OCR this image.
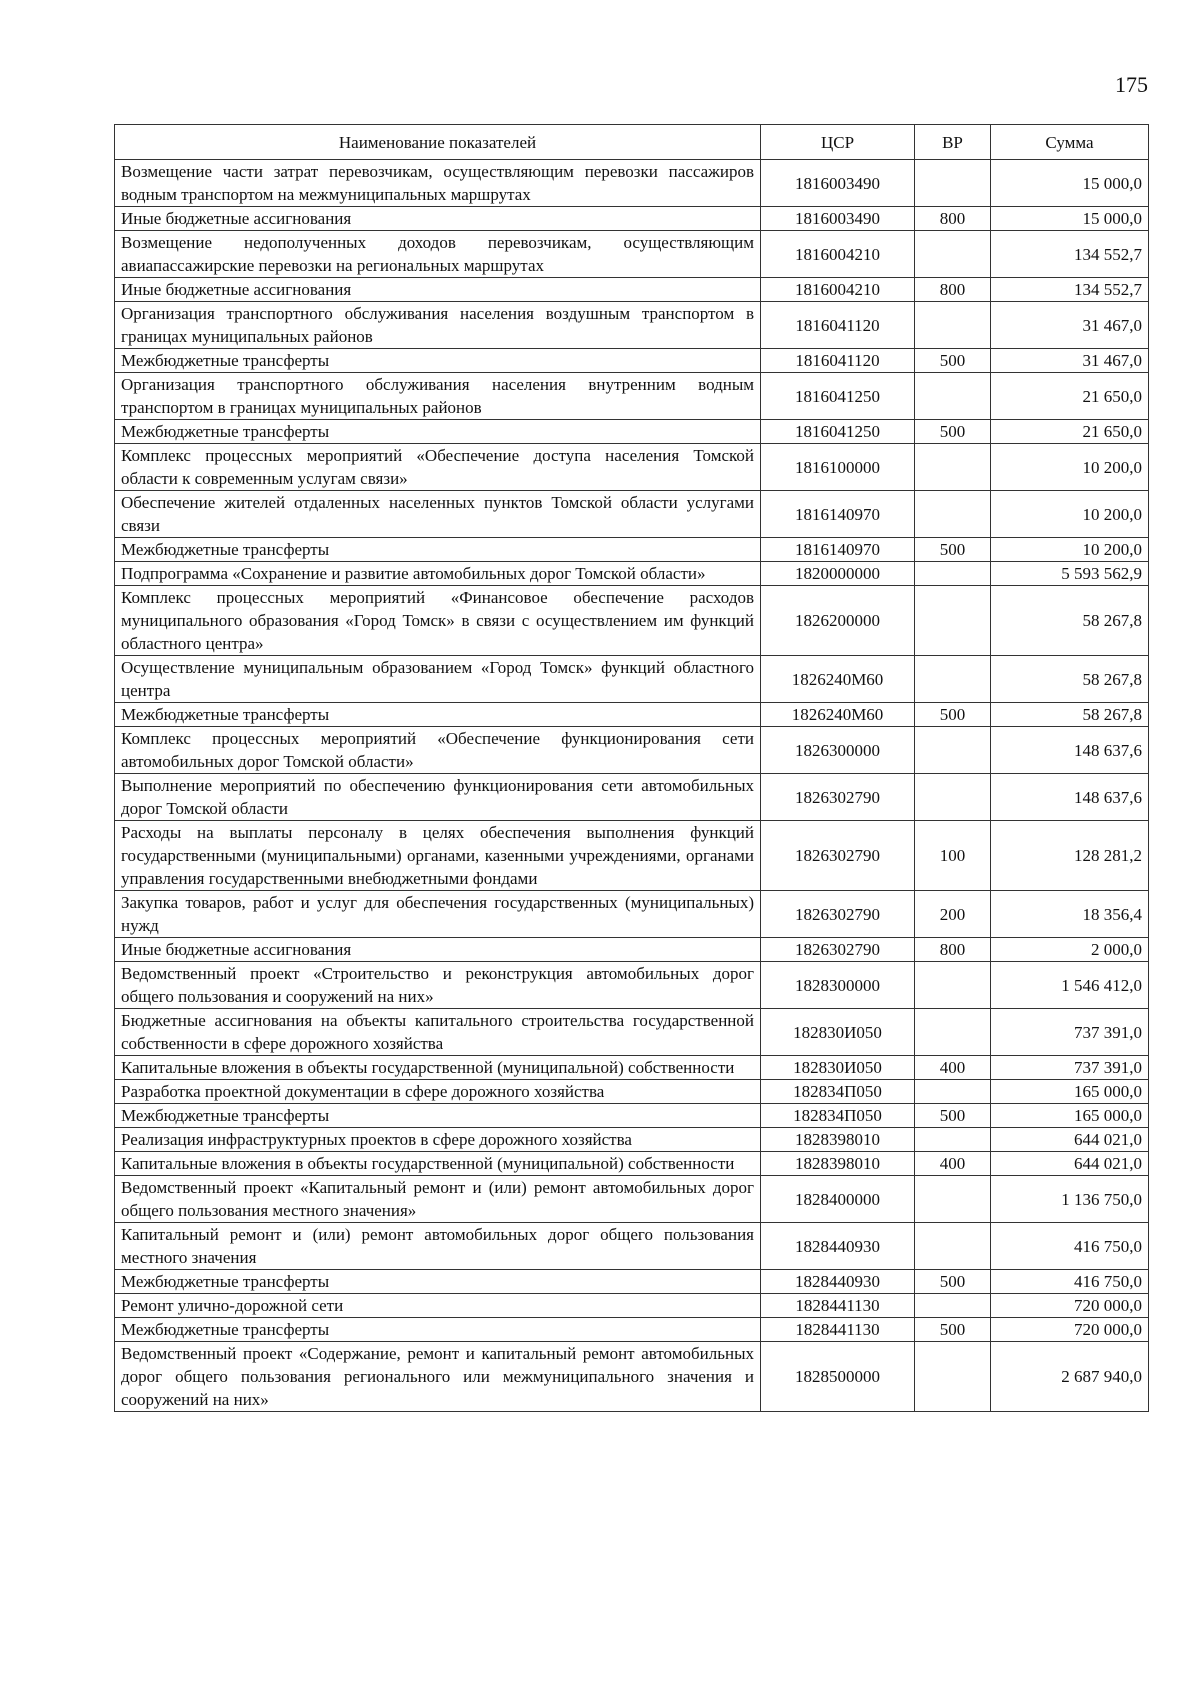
175
Наименование показателей	ЦСР	ВР	Сумма
Возмещение части затрат перевозчикам, осуществляющим перевозки пассажиров водным транспортом на межмуниципальных маршрутах	1816003490		15 000,0
Иные бюджетные ассигнования	1816003490	800	15 000,0
Возмещение недополученных доходов перевозчикам, осуществляющим авиапассажирские перевозки на региональных маршрутах	1816004210		134 552,7
Иные бюджетные ассигнования	1816004210	800	134 552,7
Организация транспортного обслуживания населения воздушным транспортом в границах муниципальных районов	1816041120		31 467,0
Межбюджетные трансферты	1816041120	500	31 467,0
Организация транспортного обслуживания населения внутренним водным транспортом в границах муниципальных районов	1816041250		21 650,0
Межбюджетные трансферты	1816041250	500	21 650,0
Комплекс процессных мероприятий «Обеспечение доступа населения Томской области к современным услугам связи»	1816100000		10 200,0
Обеспечение жителей отдаленных населенных пунктов Томской области услугами связи	1816140970		10 200,0
Межбюджетные трансферты	1816140970	500	10 200,0
Подпрограмма «Сохранение и развитие автомобильных дорог Томской области»	1820000000		5 593 562,9
Комплекс процессных мероприятий «Финансовое обеспечение расходов муниципального образования «Город Томск» в связи с осуществлением им функций областного центра»	1826200000		58 267,8
Осуществление муниципальным образованием «Город Томск» функций областного центра	1826240М60		58 267,8
Межбюджетные трансферты	1826240М60	500	58 267,8
Комплекс процессных мероприятий «Обеспечение функционирования сети автомобильных дорог Томской области»	1826300000		148 637,6
Выполнение мероприятий по обеспечению функционирования сети автомобильных дорог Томской области	1826302790		148 637,6
Расходы на выплаты персоналу в целях обеспечения выполнения функций государственными (муниципальными) органами, казенными учреждениями, органами управления государственными внебюджетными фондами	1826302790	100	128 281,2
Закупка товаров, работ и услуг для обеспечения государственных (муниципальных) нужд	1826302790	200	18 356,4
Иные бюджетные ассигнования	1826302790	800	2 000,0
Ведомственный проект «Строительство и реконструкция автомобильных дорог общего пользования и сооружений на них»	1828300000		1 546 412,0
Бюджетные ассигнования на объекты капитального строительства государственной собственности в сфере дорожного хозяйства	182830И050		737 391,0
Капитальные вложения в объекты государственной (муниципальной) собственности	182830И050	400	737 391,0
Разработка проектной документации в сфере дорожного хозяйства	182834П050		165 000,0
Межбюджетные трансферты	182834П050	500	165 000,0
Реализация инфраструктурных проектов в сфере дорожного хозяйства	1828398010		644 021,0
Капитальные вложения в объекты государственной (муниципальной) собственности	1828398010	400	644 021,0
Ведомственный проект «Капитальный ремонт и (или) ремонт автомобильных дорог общего пользования местного значения»	1828400000		1 136 750,0
Капитальный ремонт и (или) ремонт автомобильных дорог общего пользования местного значения	1828440930		416 750,0
Межбюджетные трансферты	1828440930	500	416 750,0
Ремонт улично-дорожной сети	1828441130		720 000,0
Межбюджетные трансферты	1828441130	500	720 000,0
Ведомственный проект «Содержание, ремонт и капитальный ремонт автомобильных дорог общего пользования регионального или межмуниципального значения и сооружений на них»	1828500000		2 687 940,0
